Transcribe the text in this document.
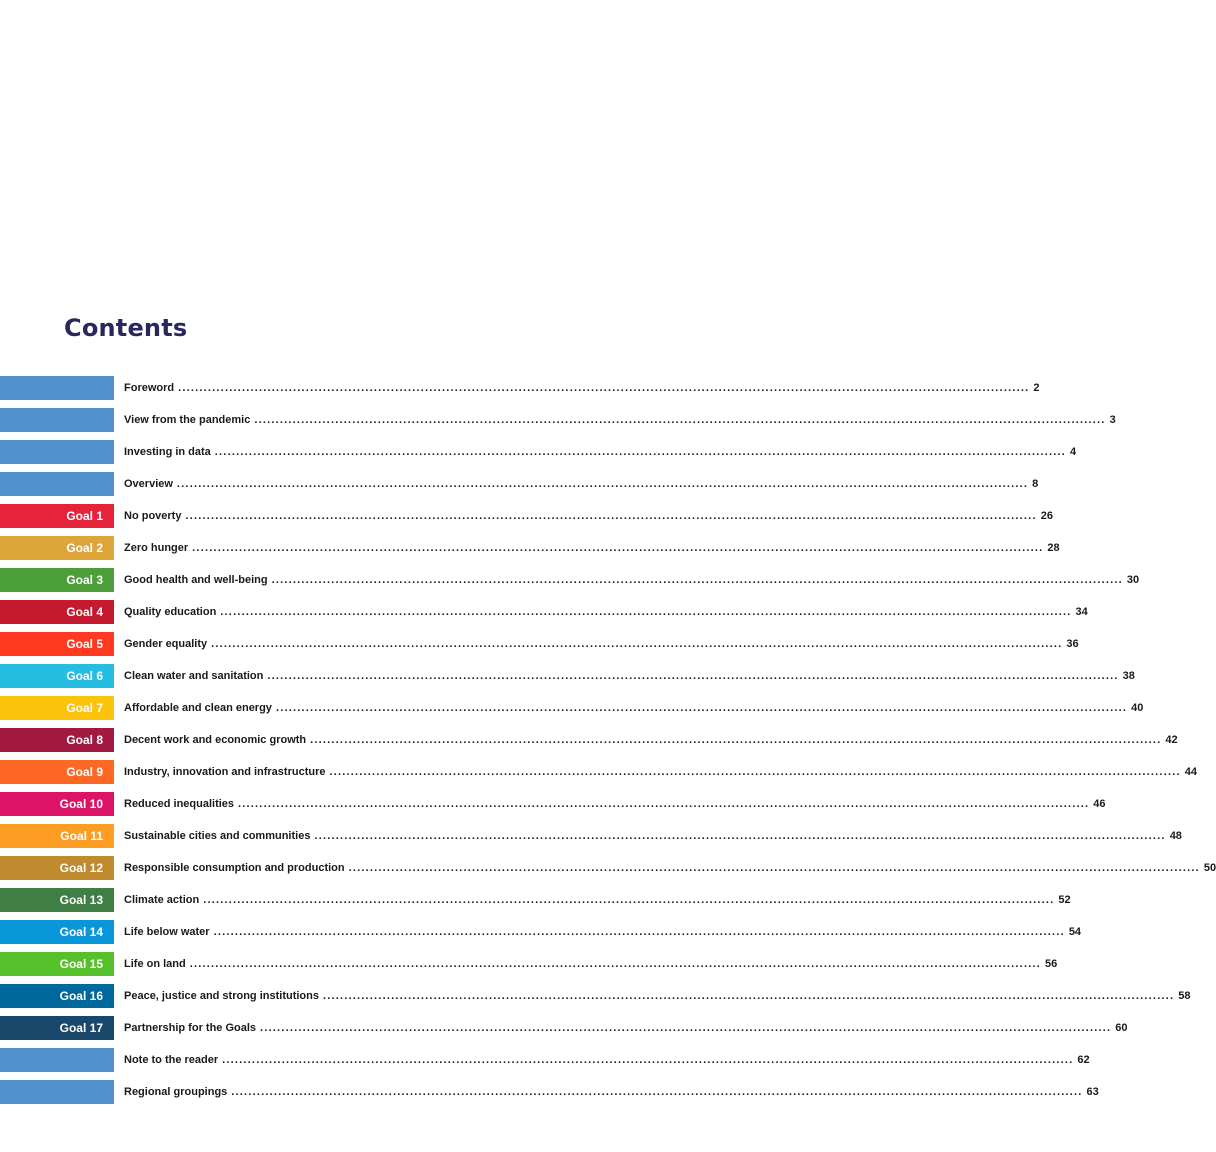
Contents
Foreword ........................................................................................................................................................................................................ 2
View from the pandemic ........................................................................................................................................................................................................ 3
Investing in data ........................................................................................................................................................................................................ 4
Overview ........................................................................................................................................................................................................ 8
Goal 1 No poverty ........................................................................................................................................................................................................ 26
Goal 2 Zero hunger ........................................................................................................................................................................................................ 28
Goal 3 Good health and well-being ........................................................................................................................................................................................................ 30
Goal 4 Quality education ........................................................................................................................................................................................................ 34
Goal 5 Gender equality ........................................................................................................................................................................................................ 36
Goal 6 Clean water and sanitation ........................................................................................................................................................................................................ 38
Goal 7 Affordable and clean energy ........................................................................................................................................................................................................ 40
Goal 8 Decent work and economic growth ........................................................................................................................................................................................................ 42
Goal 9 Industry, innovation and infrastructure ........................................................................................................................................................................................................ 44
Goal 10 Reduced inequalities ........................................................................................................................................................................................................ 46
Goal 11 Sustainable cities and communities ........................................................................................................................................................................................................ 48
Goal 12 Responsible consumption and production ........................................................................................................................................................................................................ 50
Goal 13 Climate action ........................................................................................................................................................................................................ 52
Goal 14 Life below water ........................................................................................................................................................................................................ 54
Goal 15 Life on land ........................................................................................................................................................................................................ 56
Goal 16 Peace, justice and strong institutions ........................................................................................................................................................................................................ 58
Goal 17 Partnership for the Goals ........................................................................................................................................................................................................ 60
Note to the reader ........................................................................................................................................................................................................ 62
Regional groupings ........................................................................................................................................................................................................ 63
